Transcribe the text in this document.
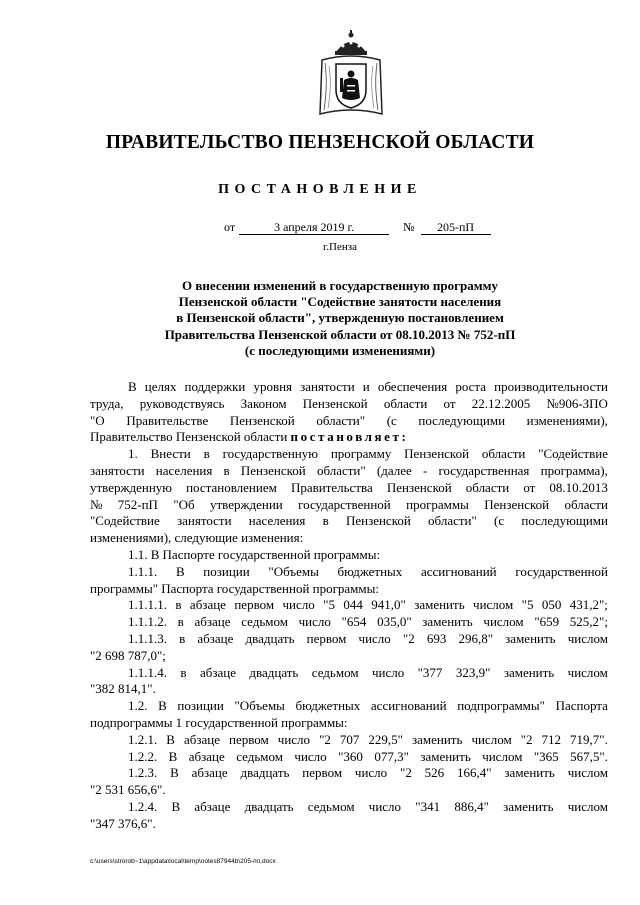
ПРАВИТЕЛЬСТВО ПЕНЗЕНСКОЙ ОБЛАСТИ
ПОСТАНОВЛЕНИЕ
от	3 апреля 2019 г.	№	205-пП
г.Пенза
О внесении изменений в государственную программу
Пензенской области "Содействие занятости населения
в Пензенской области", утвержденную постановлением
Правительства Пензенской области от 08.10.2013 № 752-пП
(с последующими изменениями)
В целях поддержки уровня занятости и обеспечения роста производительности
труда, руководствуясь Законом Пензенской области от 22.12.2005 №906-ЗПО
"О Правительстве Пензенской области" (с последующими изменениями),
Правительство Пензенской области постановляет:
1. Внести в государственную программу Пензенской области "Содействие
занятости населения в Пензенской области" (далее - государственная программа),
утвержденную постановлением Правительства Пензенской области от 08.10.2013
№ 752-пП "Об утверждении государственной программы Пензенской области
"Содействие занятости населения в Пензенской области" (с последующими
изменениями), следующие изменения:
1.1. В Паспорте государственной программы:
1.1.1. В позиции "Объемы бюджетных ассигнований государственной
программы" Паспорта государственной программы:
1.1.1.1. в абзаце первом число "5 044 941,0" заменить числом "5 050 431,2";
1.1.1.2. в абзаце седьмом число "654 035,0" заменить числом "659 525,2";
1.1.1.3. в абзаце двадцать первом число "2 693 296,8" заменить числом
"2 698 787,0";
1.1.1.4. в абзаце двадцать седьмом число "377 323,9" заменить числом
"382 814,1".
1.2. В позиции "Объемы бюджетных ассигнований подпрограммы" Паспорта
подпрограммы 1 государственной программы:
1.2.1. В абзаце первом число "2 707 229,5" заменить числом "2 712 719,7".
1.2.2. В абзаце седьмом число "360 077,3" заменить числом "365 567,5".
1.2.3. В абзаце двадцать первом число "2 526 166,4" заменить числом
"2 531 656,6".
1.2.4. В абзаце двадцать седьмом число "341 886,4" заменить числом
"347 376,6".
c:\users\strorob~1\appdata\local\temp\notes87944b\205-пп.docx
